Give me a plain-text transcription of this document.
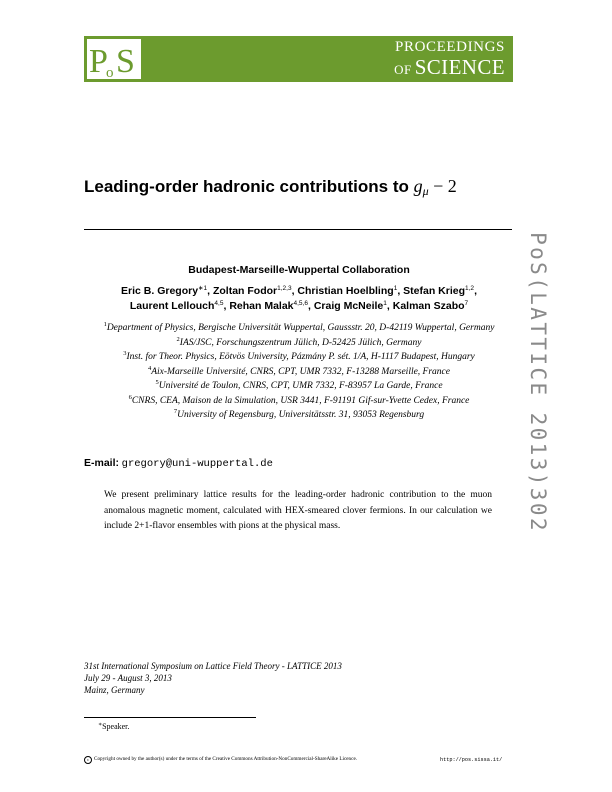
P
o S	PROCEEDINGS
OF SCIENCE
PoS(LATTICE 2013)302
Leading-order hadronic contributions to $g_\mu - 2$
Budapest-Marseille-Wuppertal Collaboration
Eric B. Gregory$^{∗1}$, Zoltan Fodor$^{1,2,3}$, Christian Hoelbling$^1$, Stefan Krieg$^{1,2}$,
Laurent Lellouch$^{4,5}$, Rehan Malak$^{4,5,6}$, Craig McNeile$^1$, Kalman Szabo$^7$
$^1$Department of Physics, Bergische Universität Wuppertal, Gaussstr. 20, D-42119 Wuppertal, Germany
$^2$IAS/JSC, Forschungszentrum Jülich, D-52425 Jülich, Germany
$^3$Inst. for Theor. Physics, Eötvös University, Pázmány P. sét. 1/A, H-1117 Budapest, Hungary
$^4$Aix-Marseille Université, CNRS, CPT, UMR 7332, F-13288 Marseille, France
$^5$Université de Toulon, CNRS, CPT, UMR 7332, F-83957 La Garde, France
$^6$CNRS, CEA, Maison de la Simulation, USR 3441, F-91191 Gif-sur-Yvette Cedex, France
$^7$University of Regensburg, Universitätsstr. 31, 93053 Regensburg
E-mail: gregory@uni-wuppertal.de
We present preliminary lattice results for the leading-order hadronic contribution to the muon anomalous magnetic moment, calculated with HEX-smeared clover fermions. In our calculation we include 2+1-flavor ensembles with pions at the physical mass.
31st International Symposium on Lattice Field Theory - LATTICE 2013
July 29 - August 3, 2013
Mainz, Germany
∗Speaker.
c Copyright owned by the author(s) under the terms of the Creative Commons Attribution-NonCommercial-ShareAlike Licence.	http://pos.sissa.it/
